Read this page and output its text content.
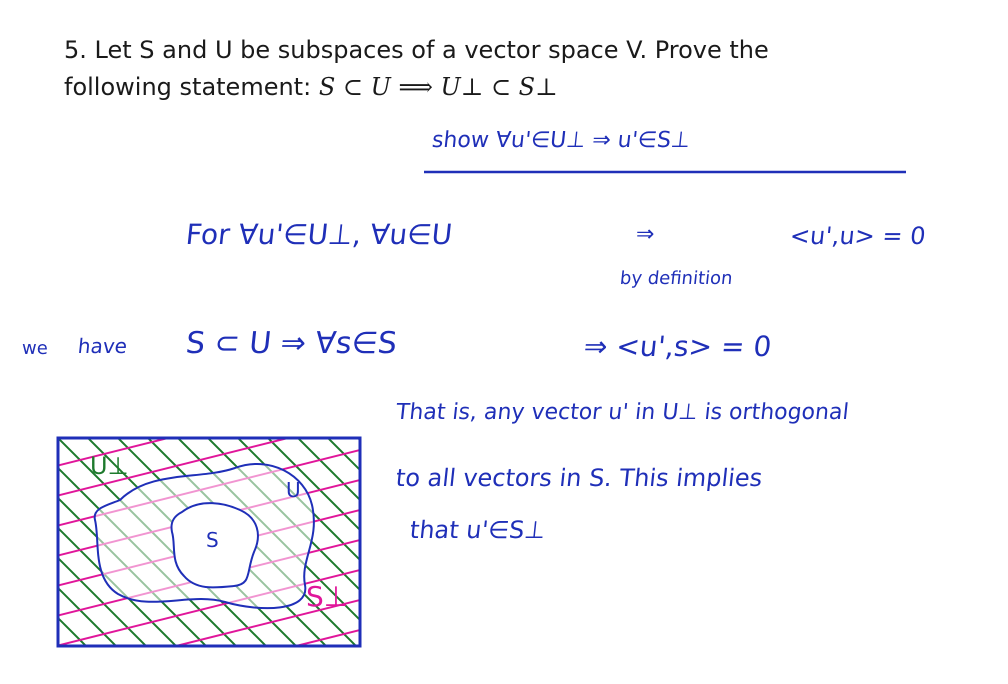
5. Let S and U be subspaces of a vector space V. Prove the
following statement: S ⊂ U ⟹ U⊥ ⊂ S⊥
show ∀u'∈U⊥ ⇒ u'∈S⊥
For ∀u'∈U⊥, ∀u∈U	⇒	<u',u> = 0
by definition
we have S ⊂ U ⇒ ∀s∈S	⇒ <u',s> = 0
That is, any vector u' in U⊥ is orthogonal
to all vectors in S. This implies
that u'∈S⊥
U⊥
U
S
S⊥
